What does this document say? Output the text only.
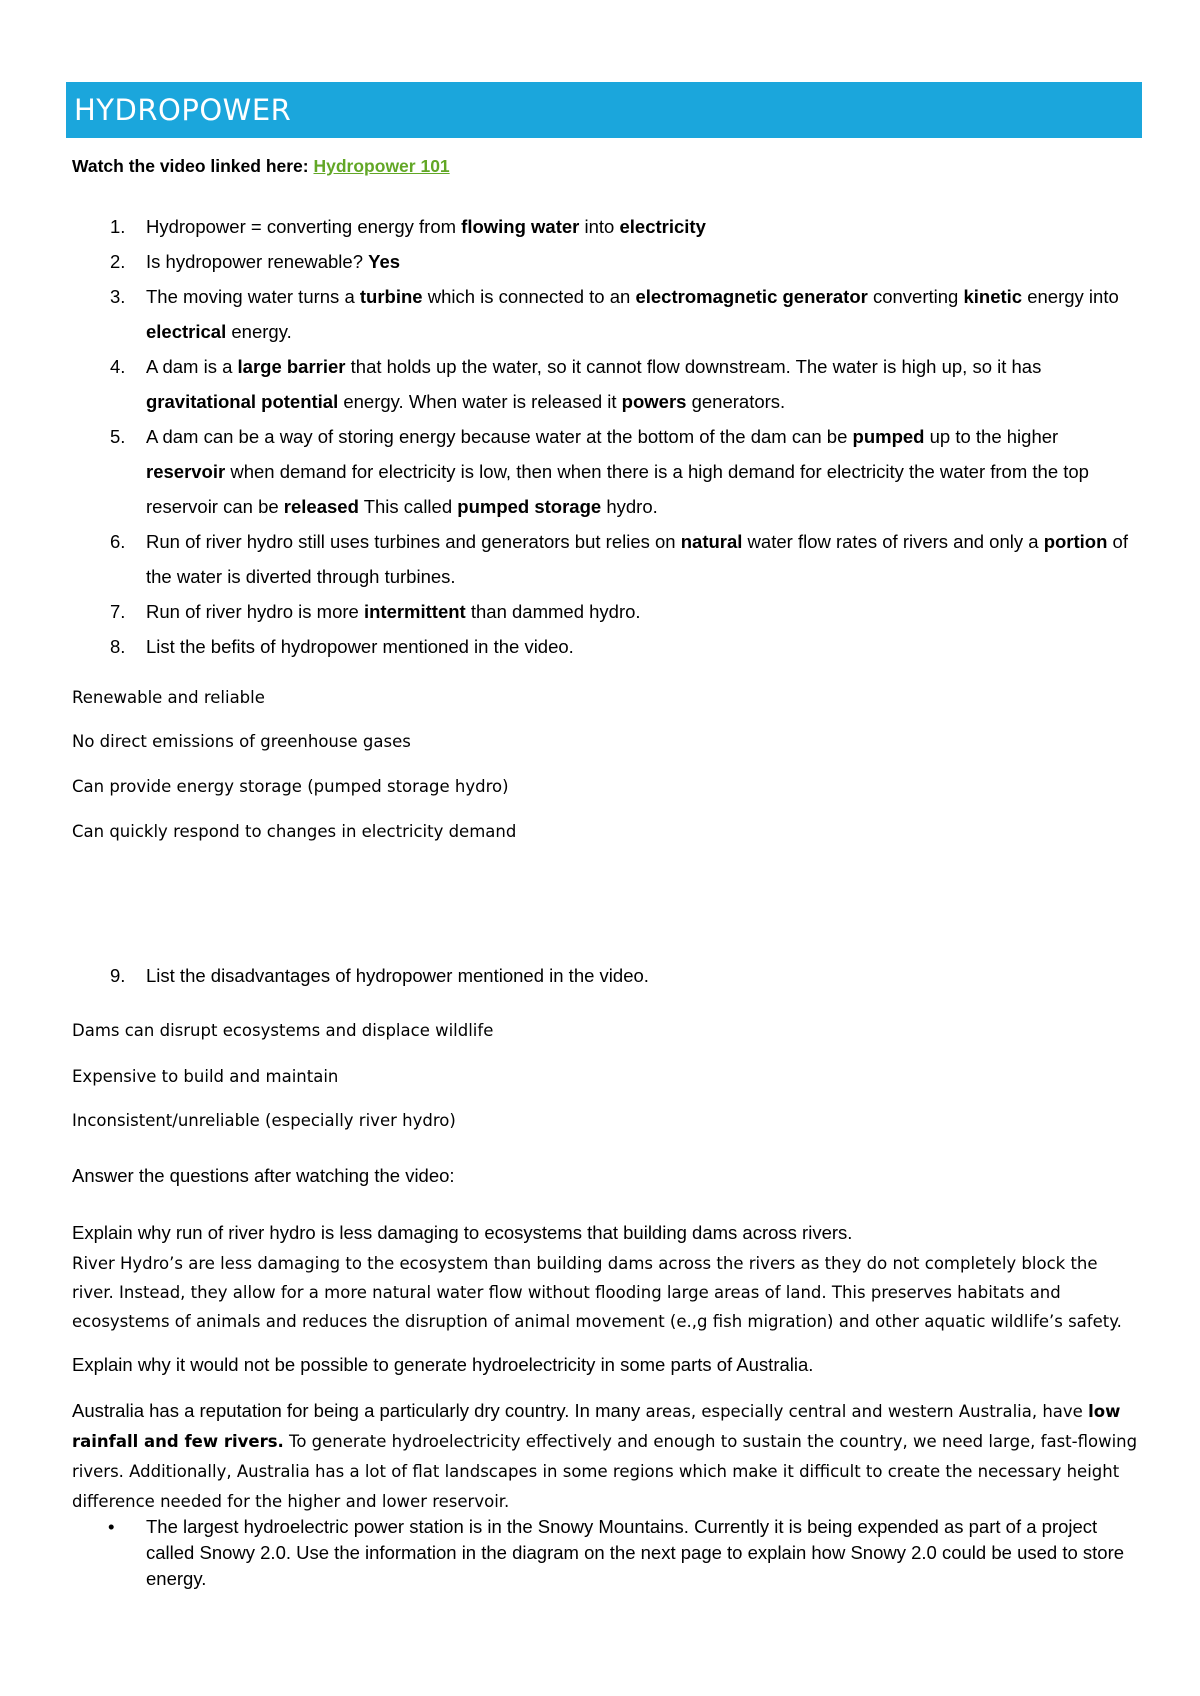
HYDROPOWER
Watch the video linked here: Hydropower 101
1. Hydropower = converting energy from flowing water into electricity
2. Is hydropower renewable? Yes
3. The moving water turns a turbine which is connected to an electromagnetic generator converting kinetic energy into electrical energy.
4. A dam is a large barrier that holds up the water, so it cannot flow downstream. The water is high up, so it has gravitational potential energy. When water is released it powers generators.
5. A dam can be a way of storing energy because water at the bottom of the dam can be pumped up to the higher reservoir when demand for electricity is low, then when there is a high demand for electricity the water from the top reservoir can be released This called pumped storage hydro.
6. Run of river hydro still uses turbines and generators but relies on natural water flow rates of rivers and only a portion of the water is diverted through turbines.
7. Run of river hydro is more intermittent than dammed hydro.
8. List the befits of hydropower mentioned in the video.

Renewable and reliable

No direct emissions of greenhouse gases

Can provide energy storage (pumped storage hydro)

Can quickly respond to changes in electricity demand

9. List the disadvantages of hydropower mentioned in the video.

Dams can disrupt ecosystems and displace wildlife

Expensive to build and maintain

Inconsistent/unreliable (especially river hydro)

Answer the questions after watching the video:

Explain why run of river hydro is less damaging to ecosystems that building dams across rivers.

River Hydro’s are less damaging to the ecosystem than building dams across the rivers as they do not completely block the river. Instead, they allow for a more natural water flow without flooding large areas of land. This preserves habitats and ecosystems of animals and reduces the disruption of animal movement (e.,g fish migration) and other aquatic wildlife’s safety.

Explain why it would not be possible to generate hydroelectricity in some parts of Australia.

Australia has a reputation for being a particularly dry country. In many areas, especially central and western Australia, have low rainfall and few rivers. To generate hydroelectricity effectively and enough to sustain the country, we need large, fast-flowing rivers. Additionally, Australia has a lot of flat landscapes in some regions which make it difficult to create the necessary height difference needed for the higher and lower reservoir.

• The largest hydroelectric power station is in the Snowy Mountains. Currently it is being expended as part of a project called Snowy 2.0. Use the information in the diagram on the next page to explain how Snowy 2.0 could be used to store energy.
